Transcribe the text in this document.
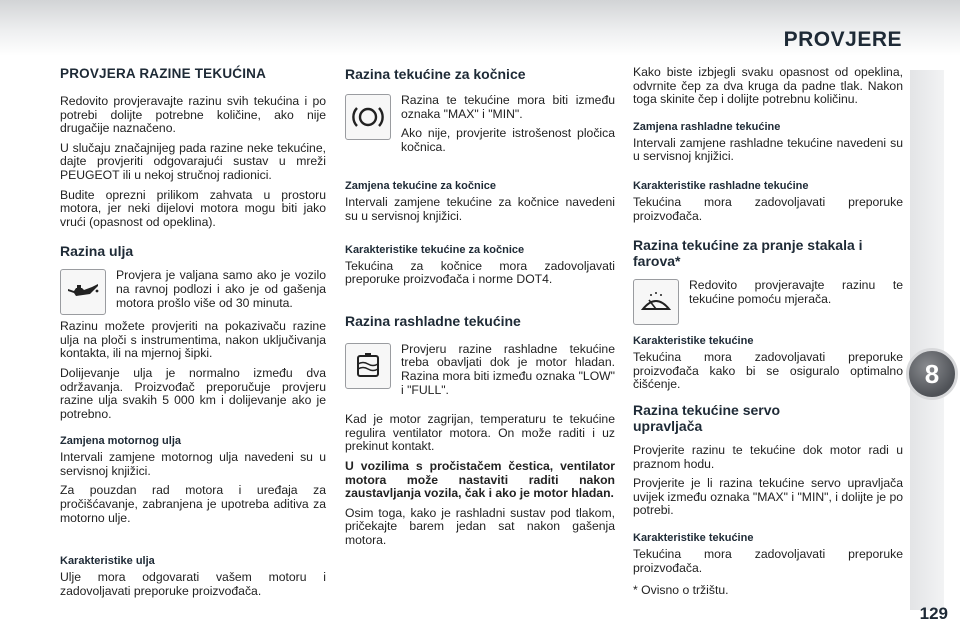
PROVJERE
8
129
PROVJERA RAZINE TEKUĆINA

Redovito provjeravajte razinu svih tekućina i po potrebi dolijte potrebne količine, ako nije drugačije naznačeno.

U slučaju značajnijeg pada razine neke tekućine, dajte provjeriti odgovarajući sustav u mreži PEUGEOT ili u nekoj stručnoj radionici.

Budite oprezni prilikom zahvata u prostoru motora, jer neki dijelovi motora mogu biti jako vrući (opasnost od opeklina).

Razina ulja

Provjera je valjana samo ako je vozilo na ravnoj podlozi i ako je od gašenja motora prošlo više od 30 minuta.

Razinu možete provjeriti na pokazivaču razine ulja na ploči s instrumentima, nakon uključivanja kontakta, ili na mjernoj šipki.

Dolijevanje ulja je normalno između dva održavanja. Proizvođač preporučuje provjeru razine ulja svakih 5 000 km i dolijevanje ako je potrebno.

Zamjena motornog ulja

Intervali zamjene motornog ulja navedeni su u servisnoj knjižici.

Za pouzdan rad motora i uređaja za pročišćavanje, zabranjena je upotreba aditiva za motorno ulje.

Karakteristike ulja

Ulje mora odgovarati vašem motoru i zadovoljavati preporuke proizvođača.

Razina tekućine za kočnice

Razina te tekućine mora biti između oznaka "MAX" i "MIN".

Ako nije, provjerite istrošenost pločica kočnica.

Zamjena tekućine za kočnice

Intervali zamjene tekućine za kočnice navedeni su u servisnoj knjižici.

Karakteristike tekućine za kočnice

Tekućina za kočnice mora zadovoljavati preporuke proizvođača i norme DOT4.

Razina rashladne tekućine

Provjeru razine rashladne tekućine treba obavljati dok je motor hladan. Razina mora biti između oznaka "LOW" i "FULL".

Kad je motor zagrijan, temperaturu te tekućine regulira ventilator motora. On može raditi i uz prekinut kontakt.

U vozilima s pročistačem čestica, ventilator motora može nastaviti raditi nakon zaustavljanja vozila, čak i ako je motor hladan.

Osim toga, kako je rashladni sustav pod tlakom, pričekajte barem jedan sat nakon gašenja motora.

Kako biste izbjegli svaku opasnost od opeklina, odvrnite čep za dva kruga da padne tlak. Nakon toga skinite čep i dolijte potrebnu količinu.

Zamjena rashladne tekućine

Intervali zamjene rashladne tekućine navedeni su u servisnoj knjižici.

Karakteristike rashladne tekućine

Tekućina mora zadovoljavati preporuke proizvođača.

Razina tekućine za pranje stakala i farova*

Redovito provjeravajte razinu te tekućine pomoću mjerača.

Karakteristike tekućine

Tekućina mora zadovoljavati preporuke proizvođača kako bi se osiguralo optimalno čišćenje.

Razina tekućine servo upravljača

Provjerite razinu te tekućine dok motor radi u praznom hodu.

Provjerite je li razina tekućine servo upravljača uvijek između oznaka "MAX" i "MIN", i dolijte je po potrebi.

Karakteristike tekućine

Tekućina mora zadovoljavati preporuke proizvođača.

* Ovisno o tržištu.
